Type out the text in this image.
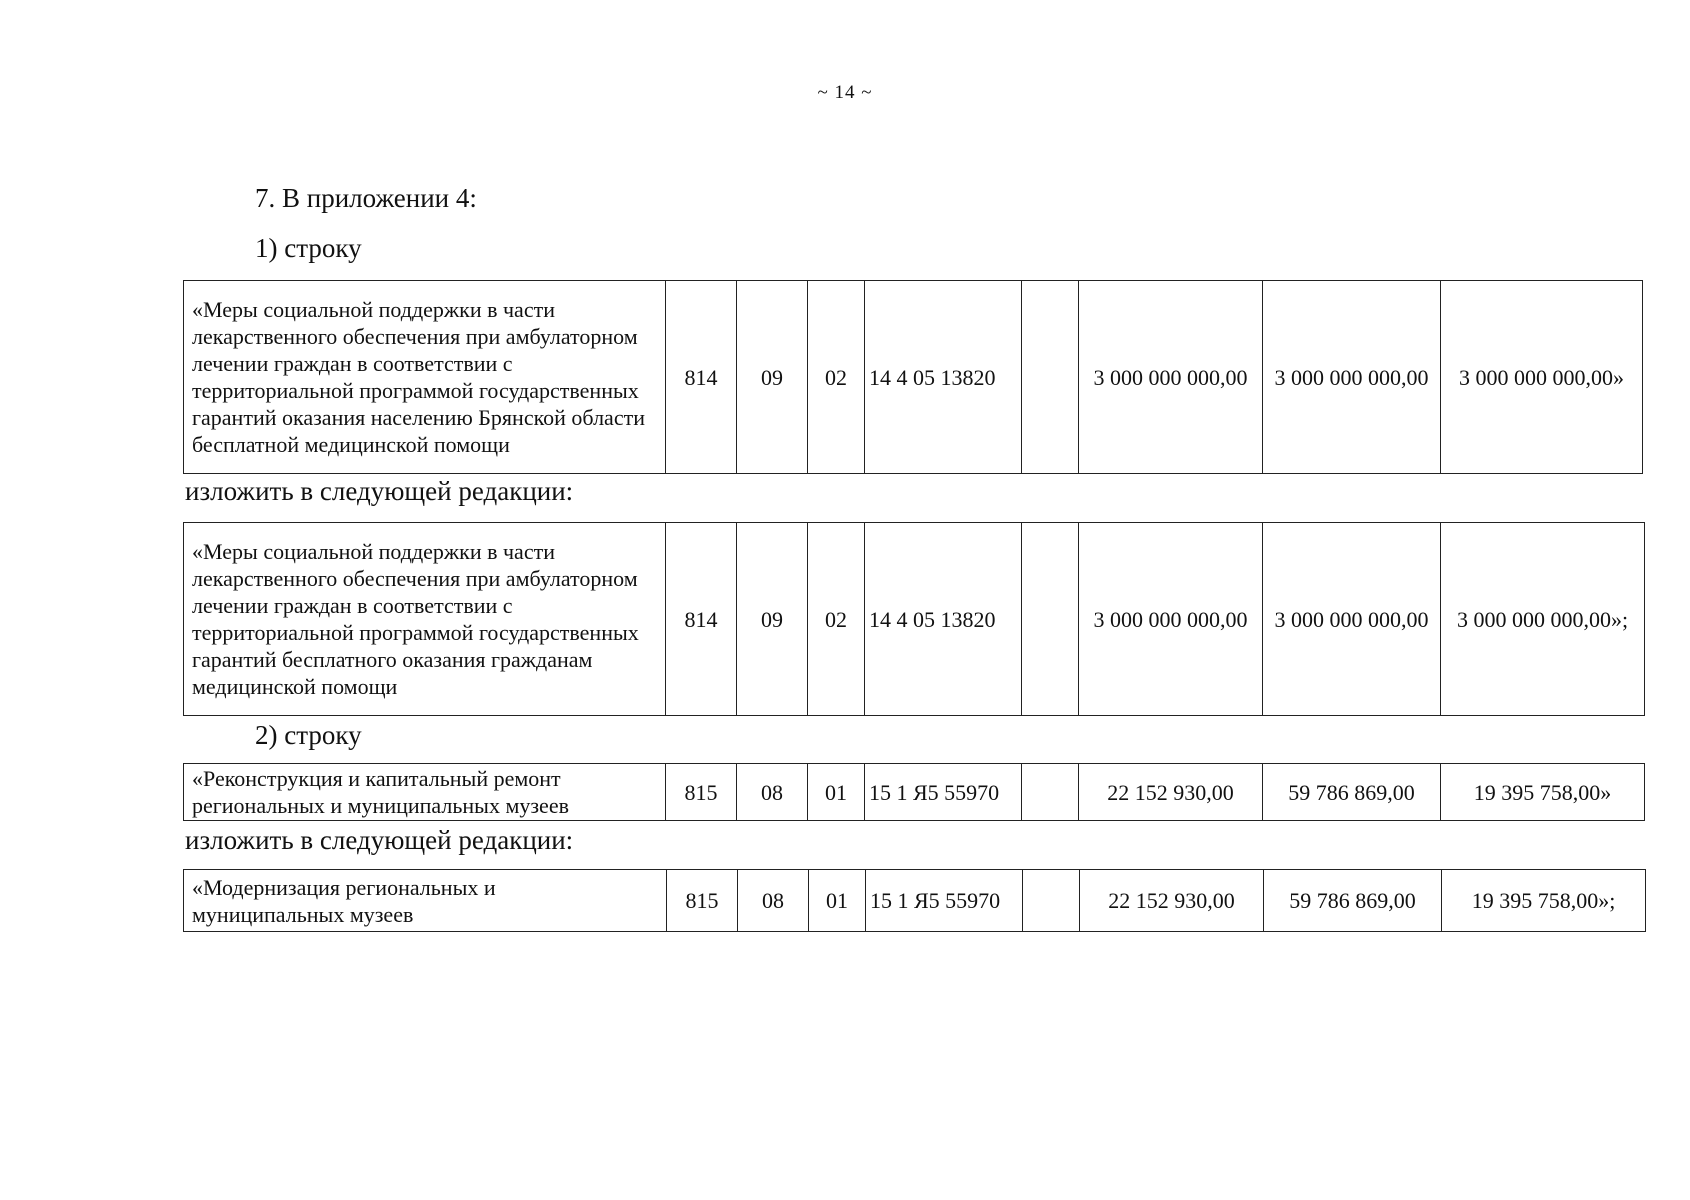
~ 14 ~
7. В приложении 4:
1) строку
«Меры социальной поддержки в части лекарственного обеспечения при амбулаторном лечении граждан в соответствии с территориальной программой государственных гарантий оказания населению Брянской области бесплатной медицинской помощи
	814	09	02	14 4 05 13820		3 000 000 000,00	3 000 000 000,00	3 000 000 000,00»
изложить в следующей редакции:
«Меры социальной поддержки в части лекарственного обеспечения при амбулаторном лечении граждан в соответствии с территориальной программой государственных гарантий бесплатного оказания гражданам медицинской помощи
	814	09	02	14 4 05 13820		3 000 000 000,00	3 000 000 000,00	3 000 000 000,00»;
2) строку
«Реконструкция и капитальный ремонт региональных и муниципальных музеев
	815	08	01	15 1 Я5 55970		22 152 930,00	59 786 869,00	19 395 758,00»
изложить в следующей редакции:
«Модернизация региональных и муниципальных музеев
	815	08	01	15 1 Я5 55970		22 152 930,00	59 786 869,00	19 395 758,00»;
